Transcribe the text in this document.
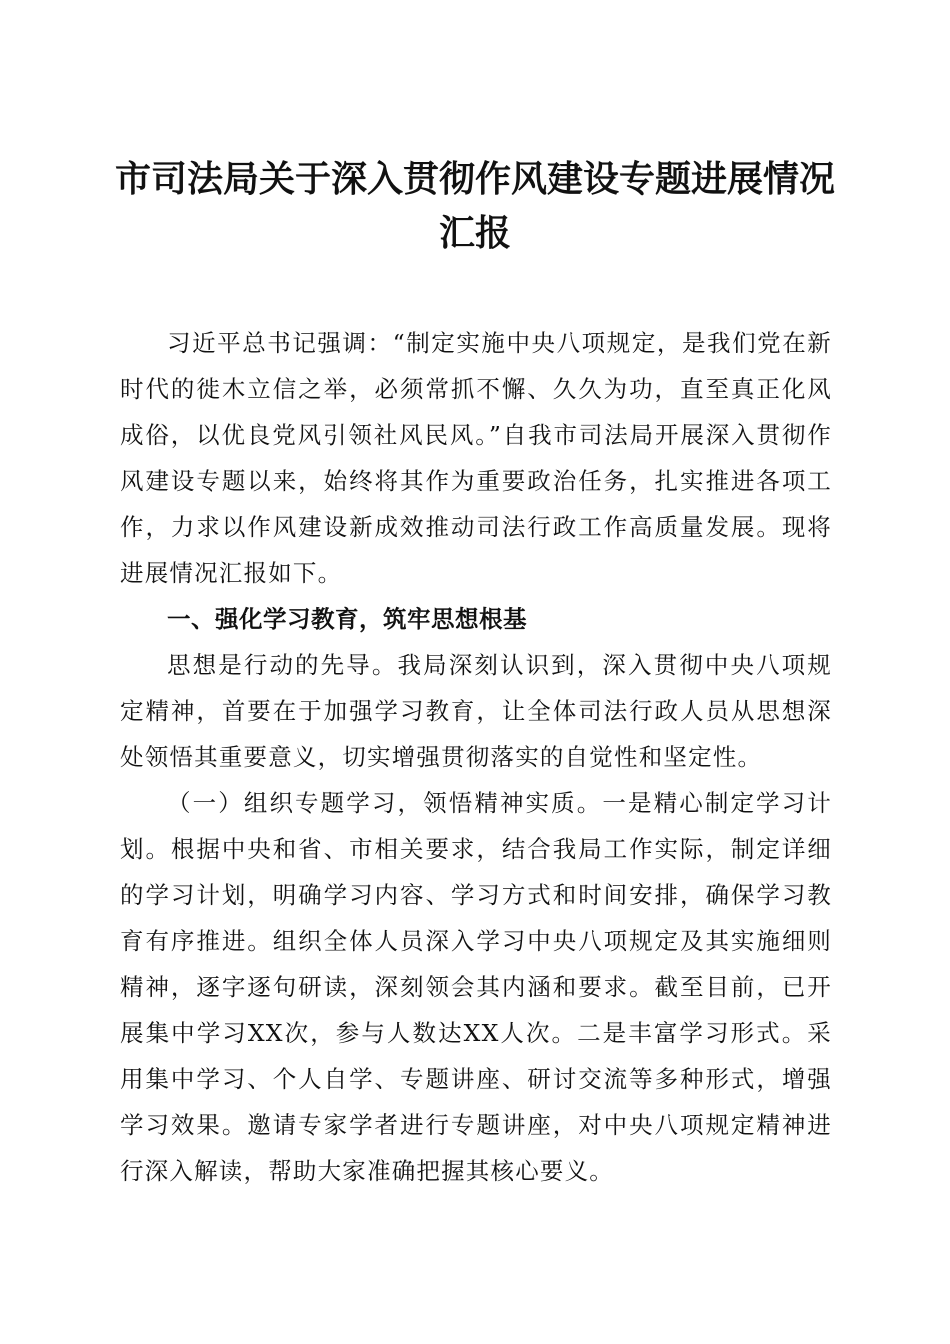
市司法局关于深入贯彻作风建设专题进展情况
汇报

习近平总书记强调：“制定实施中央八项规定，是我们党在新时代的徙木立信之举，必须常抓不懈、久久为功，直至真正化风成俗，以优良党风引领社风民风。”自我市司法局开展深入贯彻作风建设专题以来，始终将其作为重要政治任务，扎实推进各项工作，力求以作风建设新成效推动司法行政工作高质量发展。现将进展情况汇报如下。

一、强化学习教育，筑牢思想根基

思想是行动的先导。我局深刻认识到，深入贯彻中央八项规定精神，首要在于加强学习教育，让全体司法行政人员从思想深处领悟其重要意义，切实增强贯彻落实的自觉性和坚定性。

（一）组织专题学习，领悟精神实质。一是精心制定学习计划。根据中央和省、市相关要求，结合我局工作实际，制定详细的学习计划，明确学习内容、学习方式和时间安排，确保学习教育有序推进。组织全体人员深入学习中央八项规定及其实施细则精神，逐字逐句研读，深刻领会其内涵和要求。截至目前，已开展集中学习XX次，参与人数达XX人次。二是丰富学习形式。采用集中学习、个人自学、专题讲座、研讨交流等多种形式，增强学习效果。邀请专家学者进行专题讲座，对中央八项规定精神进行深入解读，帮助大家准确把握其核心要义。
